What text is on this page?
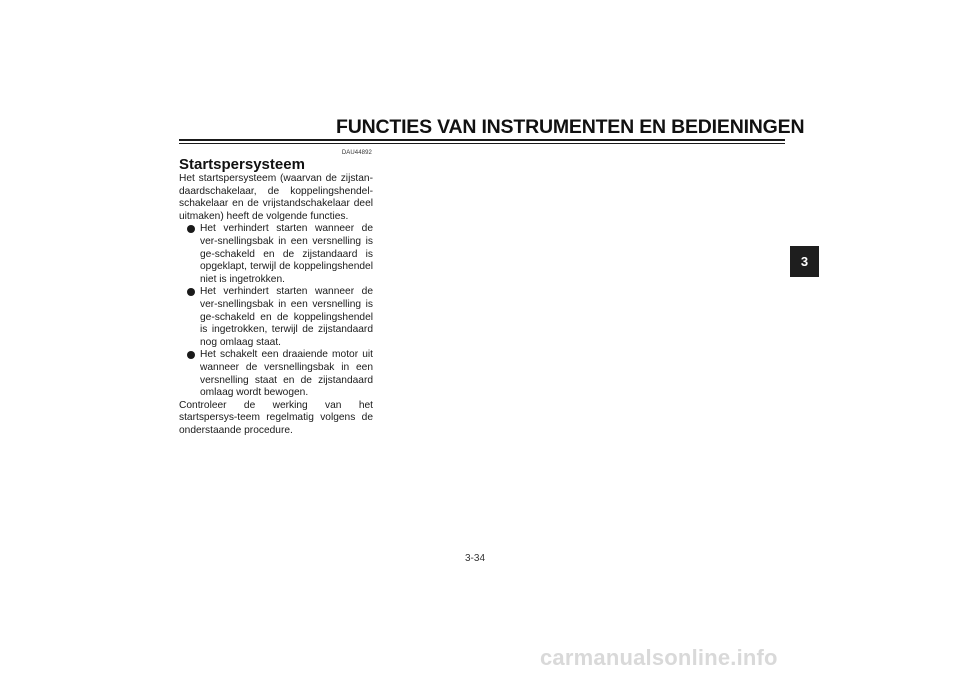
FUNCTIES VAN INSTRUMENTEN EN BEDIENINGEN
3
DAU44892
Startspersysteem

Het startspersysteem (waarvan de zijstan-daardschakelaar, de koppelingshendel-schakelaar en de vrijstandschakelaar deel uitmaken) heeft de volgende functies.

Het verhindert starten wanneer de ver-snellingsbak in een versnelling is ge-schakeld en de zijstandaard is opgeklapt, terwijl de koppelingshendel niet is ingetrokken.
Het verhindert starten wanneer de ver-snellingsbak in een versnelling is ge-schakeld en de koppelingshendel is ingetrokken, terwijl de zijstandaard nog omlaag staat.
Het schakelt een draaiende motor uit wanneer de versnellingsbak in een versnelling staat en de zijstandaard omlaag wordt bewogen.

Controleer de werking van het startspersys-teem regelmatig volgens de onderstaande procedure.

3-34
carmanualsonline.info
